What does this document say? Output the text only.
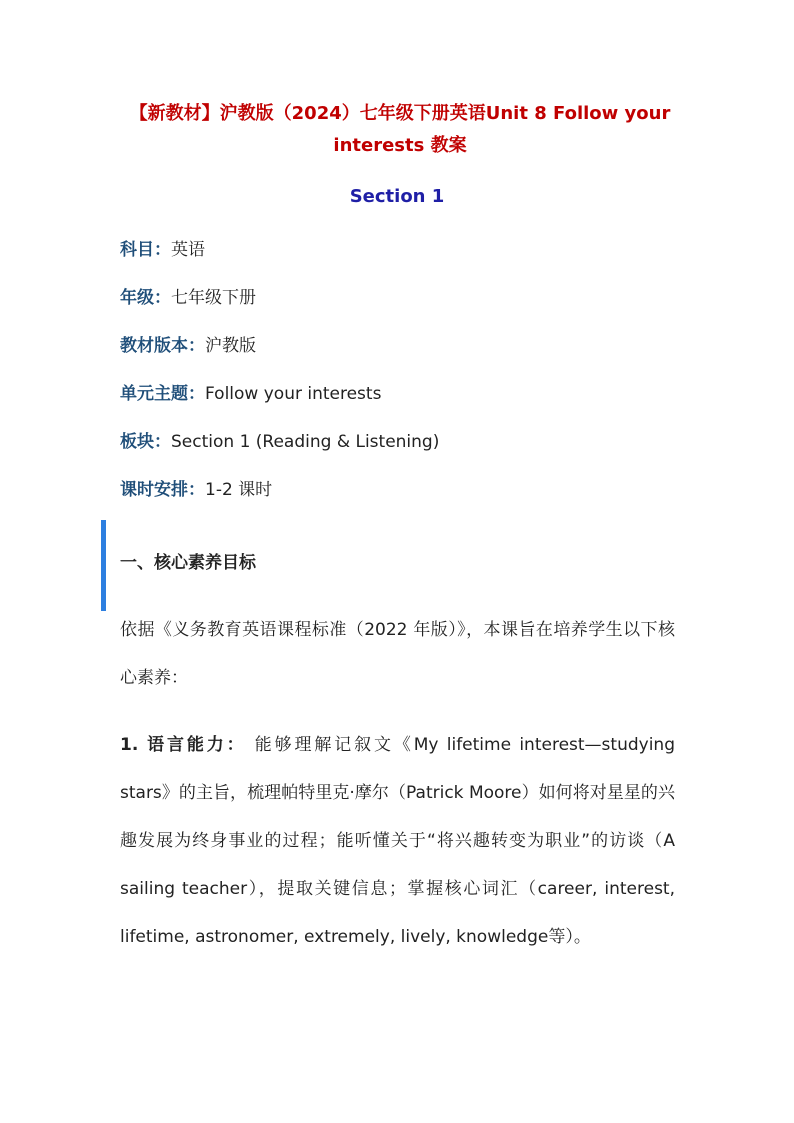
【新教材】沪教版（2024）七年级下册英语Unit 8 Follow your interests 教案
Section 1
科目：英语
年级：七年级下册
教材版本：沪教版
单元主题：Follow your interests
板块：Section 1 (Reading & Listening)
课时安排：1-2 课时
一、核心素养目标

依据《义务教育英语课程标准（2022 年版）》，本课旨在培养学生以下核心素养：

1. 语言能力： 能够理解记叙文《My lifetime interest—studying stars》的主旨，梳理帕特里克·摩尔（Patrick Moore）如何将对星星的兴趣发展为终身事业的过程；能听懂关于“将兴趣转变为职业”的访谈（A sailing teacher），提取关键信息；掌握核心词汇（career, interest, lifetime, astronomer, extremely, lively, knowledge等）。
